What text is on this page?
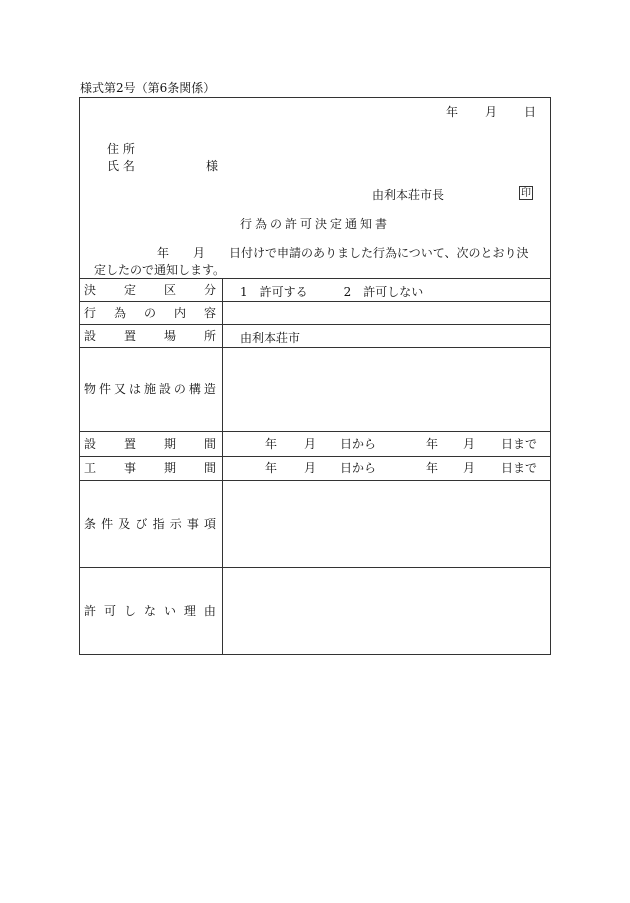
様式第2号（第6条関係）
年 月 日
住 所
氏 名	様
由利本荘市長	印
行為の許可決定通知書
年　　月　　日付けで申請のありました行為について、次のとおり決
定したので通知します。
決 定 区 分 1　許可する　　　2　許可しない
行 為 の 内 容
設 置 場 所 由利本荘市
物 件 又 は 施 設 の 構 造
設 置 期 間	年 月 日から	年 月 日まで
工 事 期 間	年 月 日から	年 月 日まで
条 件 及 び 指 示 事 項
許 可 し な い 理 由
